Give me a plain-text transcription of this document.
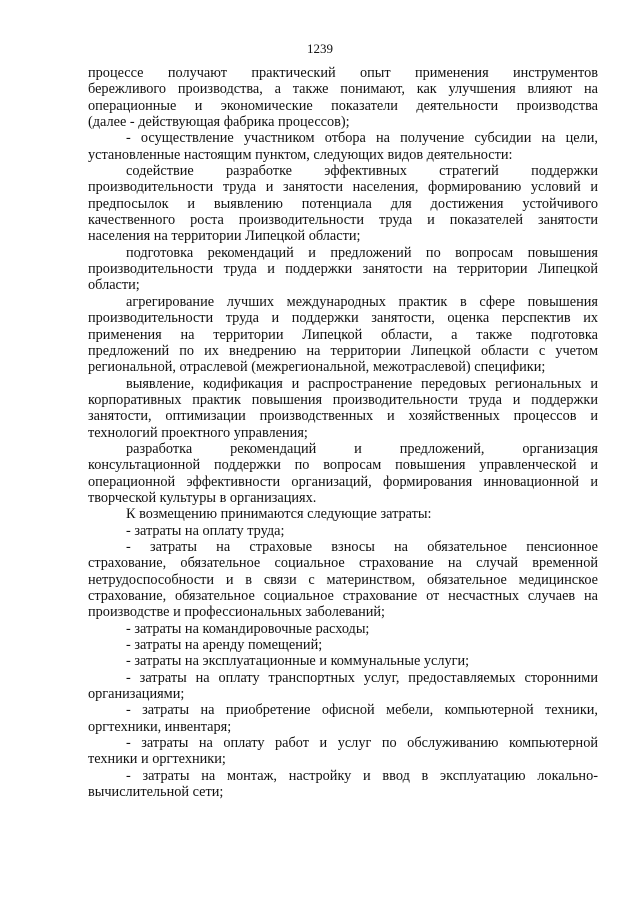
1239
процессе получают практический опыт применения инструментов
бережливого производства, а также понимают, как улучшения влияют на
операционные и экономические показатели деятельности производства
(далее - действующая фабрика процессов);
- осуществление участником отбора на получение субсидии на цели,
установленные настоящим пунктом, следующих видов деятельности:
содействие разработке эффективных стратегий поддержки
производительности труда и занятости населения, формированию условий и
предпосылок и выявлению потенциала для достижения устойчивого
качественного роста производительности труда и показателей занятости
населения на территории Липецкой области;
подготовка рекомендаций и предложений по вопросам повышения
производительности труда и поддержки занятости на территории Липецкой
области;
агрегирование лучших международных практик в сфере повышения
производительности труда и поддержки занятости, оценка перспектив их
применения на территории Липецкой области, а также подготовка
предложений по их внедрению на территории Липецкой области с учетом
региональной, отраслевой (межрегиональной, межотраслевой) специфики;
выявление, кодификация и распространение передовых региональных и
корпоративных практик повышения производительности труда и поддержки
занятости, оптимизации производственных и хозяйственных процессов и
технологий проектного управления;
разработка рекомендаций и предложений, организация
консультационной поддержки по вопросам повышения управленческой и
операционной эффективности организаций, формирования инновационной и
творческой культуры в организациях.
К возмещению принимаются следующие затраты:
- затраты на оплату труда;
- затраты на страховые взносы на обязательное пенсионное
страхование, обязательное социальное страхование на случай временной
нетрудоспособности и в связи с материнством, обязательное медицинское
страхование, обязательное социальное страхование от несчастных случаев на
производстве и профессиональных заболеваний;
- затраты на командировочные расходы;
- затраты на аренду помещений;
- затраты на эксплуатационные и коммунальные услуги;
- затраты на оплату транспортных услуг, предоставляемых сторонними
организациями;
- затраты на приобретение офисной мебели, компьютерной техники,
оргтехники, инвентаря;
- затраты на оплату работ и услуг по обслуживанию компьютерной
техники и оргтехники;
- затраты на монтаж, настройку и ввод в эксплуатацию локально-
вычислительной сети;
